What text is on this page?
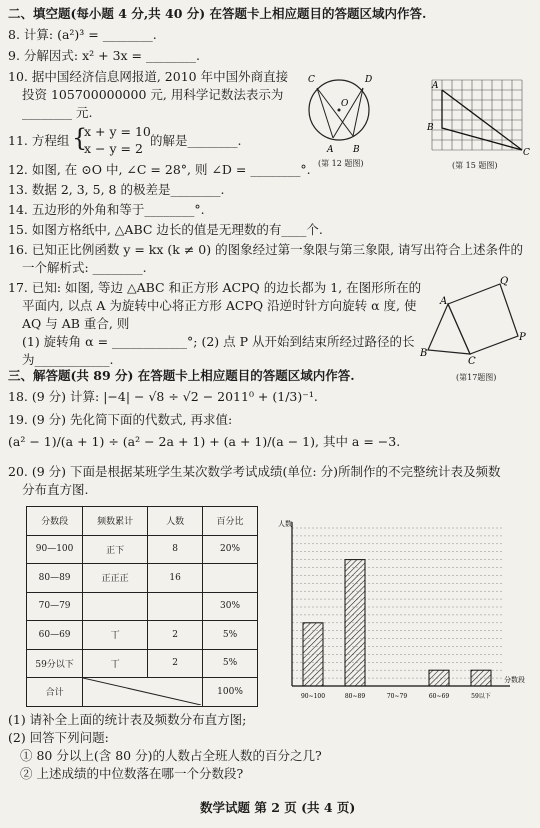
二、填空题(每小题 4 分,共 40 分) 在答题卡上相应题目的答题区域内作答.
8. 计算: (a²)³ = ________.
9. 分解因式: x² + 3x = ________.
10. 据中国经济信息网报道, 2010 年中国外商直接
投资 105700000000 元, 用科学记数法表示为
________ 元.
11. 方程组 {
x + y = 10
x − y = 2
的解是________.
12. 如图, 在 ⊙O 中, ∠C = 28°, 则 ∠D = ________°.
13. 数据 2, 3, 5, 8 的极差是________.
14. 五边形的外角和等于________°.
15. 如图方格纸中, △ABC 边长的值是无理数的有____个.
16. 已知正比例函数 y = kx (k ≠ 0) 的图象经过第一象限与第三象限, 请写出符合上述条件的
一个解析式: ________.
17. 已知: 如图, 等边 △ABC 和正方形 ACPQ 的边长都为 1, 在图形所在的
平面内, 以点 A 为旋转中心将正方形 ACPQ 沿逆时针方向旋转 α 度, 使
AQ 与 AB 重合, 则
(1) 旋转角 α = ____________°; (2) 点 P 从开始到结束所经过路径的长
为____________.
C	D
O
A B
(第 12 题图)
A
B
C
(第 15 题图)
A
Q
P
B
C
(第17题图)
三、解答题(共 89 分) 在答题卡上相应题目的答题区域内作答.
18. (9 分) 计算: |−4| − √8 ÷ √2 − 2011⁰ + (1/3)⁻¹.
19. (9 分) 先化简下面的代数式, 再求值:
(a² − 1)/(a + 1) ÷ (a² − 2a + 1) + (a + 1)/(a − 1), 其中 a = −3.
20. (9 分) 下面是根据某班学生某次数学考试成绩(单位: 分)所制作的不完整统计表及频数
分布直方图.
分数段	频数累计	人数	百分比
90—100	正下	8	20%
80—89	正正正	16	
70—79			30%
60—69	丅	2	5%
59分以下	丅	2	5%
合计			100%
人数
分数段
90~100	80~89	70~79	60~69	59以下
(1) 请补全上面的统计表及频数分布直方图;
(2) 回答下列问题:
① 80 分以上(含 80 分)的人数占全班人数的百分之几?
② 上述成绩的中位数落在哪一个分数段?
数学试题 第 2 页 (共 4 页)
